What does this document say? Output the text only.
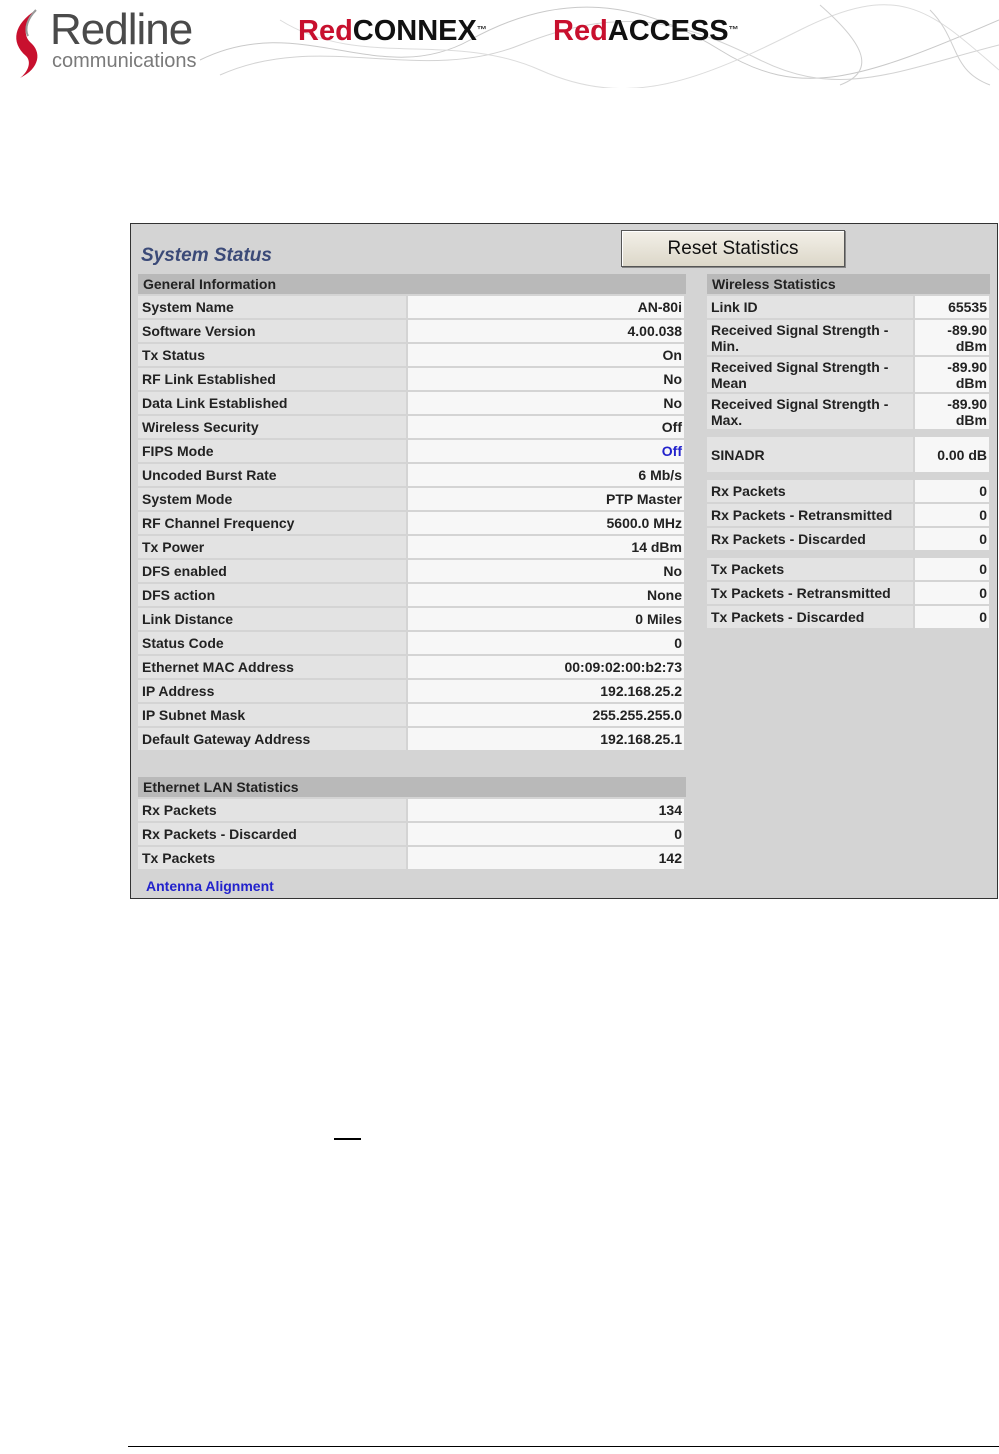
Redline
communications
RedCONNEX™ RedACCESS™
System Status	Reset Statistics
General Information
System Name	AN-80i
Software Version	4.00.038
Tx Status	On
RF Link Established	No
Data Link Established	No
Wireless Security	Off
FIPS Mode	Off
Uncoded Burst Rate	6 Mb/s
System Mode	PTP Master
RF Channel Frequency	5600.0 MHz
Tx Power	14 dBm
DFS enabled	No
DFS action	None
Link Distance	0 Miles
Status Code	0
Ethernet MAC Address	00:09:02:00:b2:73
IP Address	192.168.25.2
IP Subnet Mask	255.255.255.0
Default Gateway Address	192.168.25.1
Ethernet LAN Statistics
Rx Packets	134
Rx Packets - Discarded	0
Tx Packets	142
Wireless Statistics
Link ID	65535
Received Signal Strength - Min.	-89.90 dBm
Received Signal Strength - Mean	-89.90 dBm
Received Signal Strength - Max.	-89.90 dBm

SINADR	0.00 dB

Rx Packets	0
Rx Packets - Retransmitted	0
Rx Packets - Discarded	0

Tx Packets	0
Tx Packets - Retransmitted	0
Tx Packets - Discarded	0
Antenna Alignment
